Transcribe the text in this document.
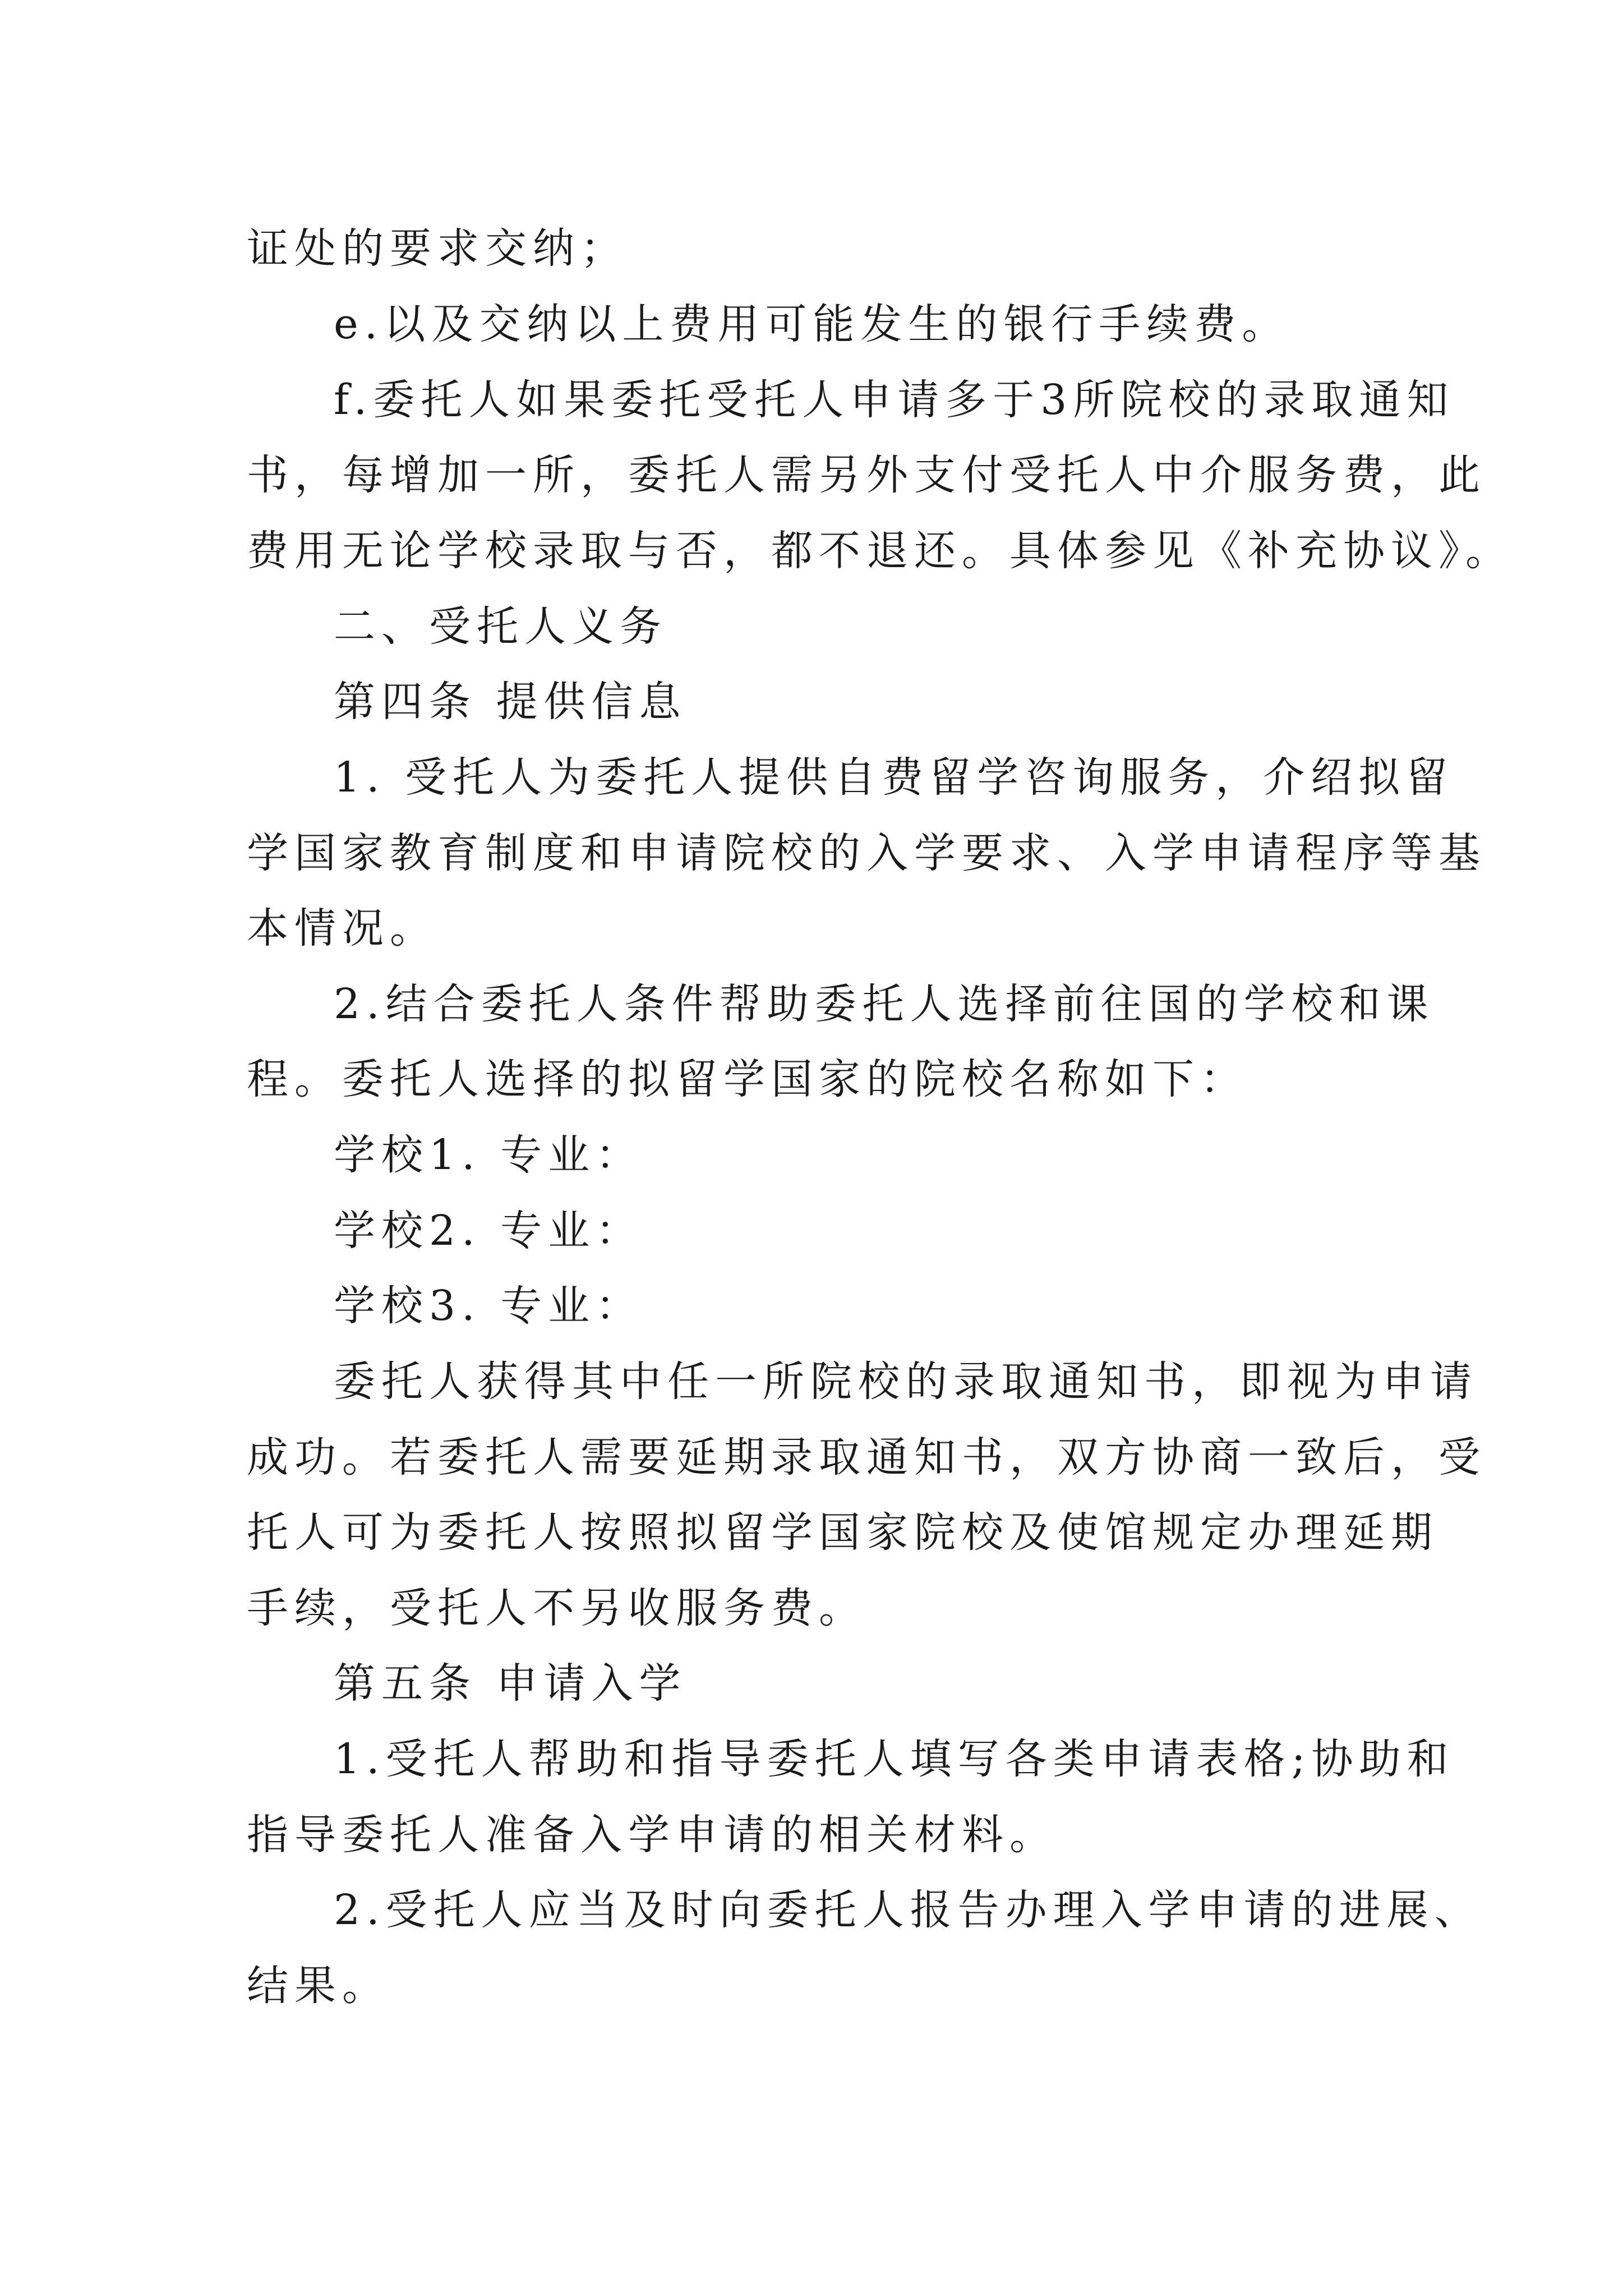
证处的要求交纳；
e.以及交纳以上费用可能发生的银行手续费。
f.委托人如果委托受托人申请多于3所院校的录取通知
书，每增加一所，委托人需另外支付受托人中介服务费，此
费用无论学校录取与否，都不退还。具体参见《补充协议》。
二、受托人义务
第四条 提供信息
1. 受托人为委托人提供自费留学咨询服务，介绍拟留
学国家教育制度和申请院校的入学要求、入学申请程序等基
本情况。
2.结合委托人条件帮助委托人选择前往国的学校和课
程。委托人选择的拟留学国家的院校名称如下：
学校1. 专业：
学校2. 专业：
学校3. 专业：
委托人获得其中任一所院校的录取通知书，即视为申请
成功。若委托人需要延期录取通知书，双方协商一致后，受
托人可为委托人按照拟留学国家院校及使馆规定办理延期
手续，受托人不另收服务费。
第五条 申请入学
1.受托人帮助和指导委托人填写各类申请表格;协助和
指导委托人准备入学申请的相关材料。
2.受托人应当及时向委托人报告办理入学申请的进展、
结果。
